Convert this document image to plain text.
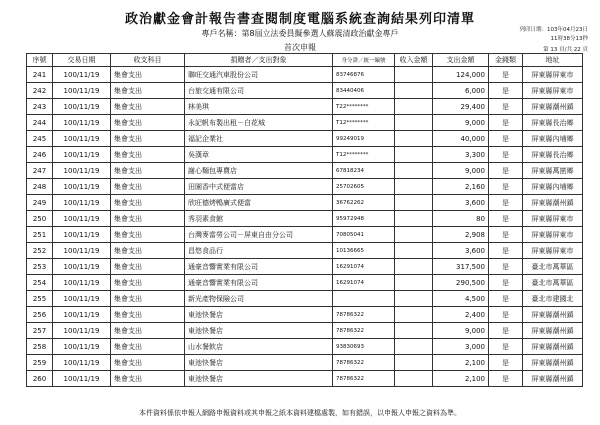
政治獻金會計報告書查閱制度電腦系統查詢結果列印清單
專戶名稱：第8屆立法委員擬參選人蘇震清政治獻金專戶
首次申報
列印日期：103年04月23日
11時38分13秒
第 13 頁/共 22 頁
序號	交易日期	收支科目	捐贈者／支出對象	身分證／統一編號	收入金額	支出金額	金錢類	地址
241	100/11/19	集會支出	聯旺交通汽車股份公司	83746876		124,000	是	屏東縣屏東市
242	100/11/19	集會支出	台旅交通有限公司	83440406		6,000	是	屏東縣屏東市
243	100/11/19	集會支出	林美琪	T22********		29,400	是	屏東縣潮州鎮
244	100/11/19	集會支出	永記帆布製出租－白花城	T12********		9,000	是	屏東縣長治鄉
245	100/11/19	集會支出	福記企業社	99249019		40,000	是	屏東縣內埔鄉
246	100/11/19	集會支出	吳漢章	T12********		3,300	是	屏東縣長治鄉
247	100/11/19	集會支出	謝心麵包專賣店	67818234		9,000	是	屏東縣萬巒鄉
248	100/11/19	集會支出	田園香中式便當店	25702605		2,160	是	屏東縣內埔鄉
249	100/11/19	集會支出	欣旺德烤鴨廣式便當	36762262		3,600	是	屏東縣潮州鎮
250	100/11/19	集會支出	秀羽素食館	95972948		80	是	屏東縣屏東市
251	100/11/19	集會支出	台灣麥當勞公司－屏東自由分公司	70805041		2,908	是	屏東縣屏東市
252	100/11/19	集會支出	昌悠食品行	10136665		3,600	是	屏東縣屏東市
253	100/11/19	集會支出	通豪音響實業有限公司	16291074		317,500	是	臺北市萬華區
254	100/11/19	集會支出	通豪音響實業有限公司	16291074		290,500	是	臺北市萬華區
255	100/11/19	集會支出	新光產物保險公司			4,500	是	臺北市建國北
256	100/11/19	集會支出	東池快餐店	78786322		2,400	是	屏東縣潮州鎮
257	100/11/19	集會支出	東池快餐店	78786322		9,000	是	屏東縣潮州鎮
258	100/11/19	集會支出	山水餐飲店	93830693		3,000	是	屏東縣潮州鎮
259	100/11/19	集會支出	東池快餐店	78786322		2,100	是	屏東縣潮州鎮
260	100/11/19	集會支出	東池快餐店	78786322		2,100	是	屏東縣潮州鎮
本件資料係依申報人網路申報資料或其申報之紙本資料建檔處製，如有錯誤，以申報人申報之資料為準。
